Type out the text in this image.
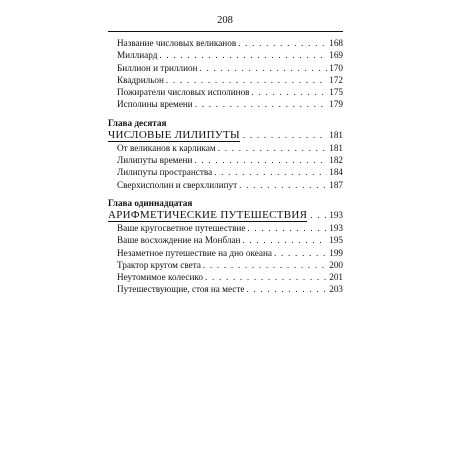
208
Название числовых великанов . . .	168
Миллиард . . .	169
Биллион и триллион . . .	170
Квадрильон . . .	172
Пожиратели числовых исполинов . . .	175
Исполины времени . . .	179
Глава десятая
ЧИСЛОВЫЕ ЛИЛИПУТЫ . . .	181
От великанов к карликам . . .	181
Лилипуты времени . . .	182
Лилипуты пространства . . .	184
Сверхисполин и сверхлилипут . . .	187
Глава одиннадцатая
АРИФМЕТИЧЕСКИЕ ПУТЕШЕСТВИЯ . . . 193
Ваше кругосветное путешествие . . .	193
Ваше восхождение на Монблан . . .	195
Незаметное путешествие на дно океана . . .	199
Трактор кругом света . . .	200
Неутомимое колесико . . .	201
Путешествующие, стоя на месте . . .	203
